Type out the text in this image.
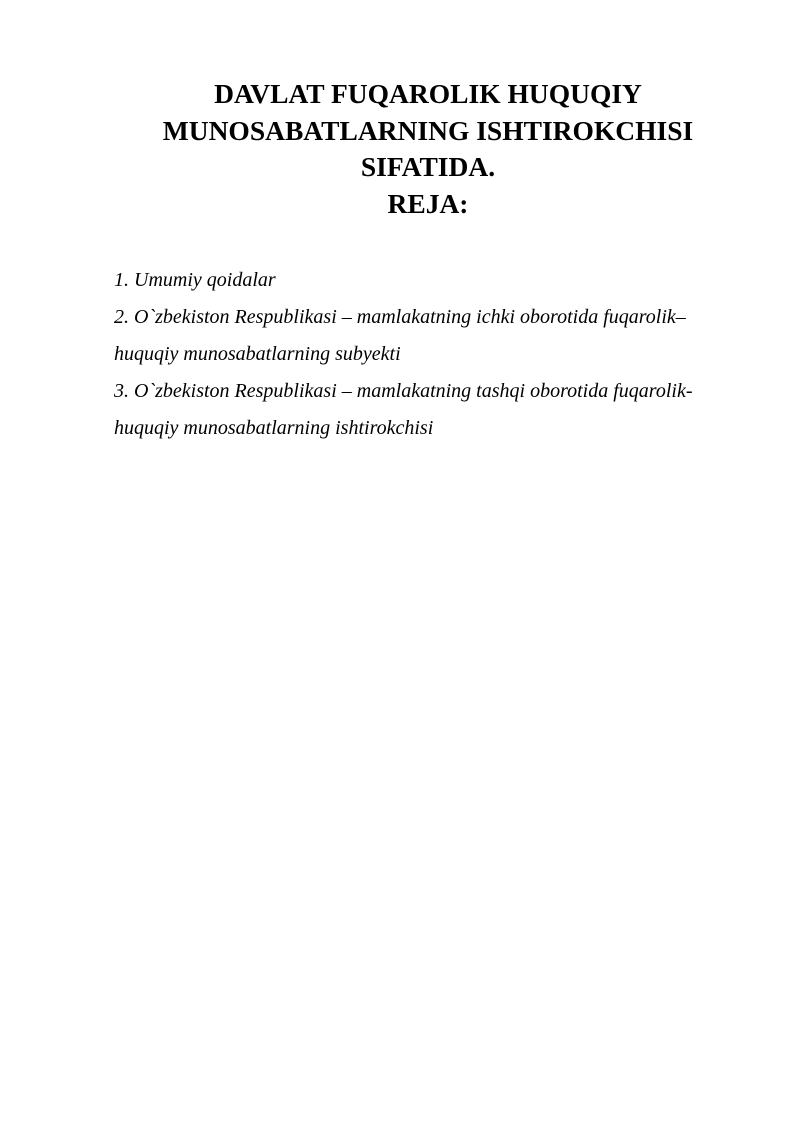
DAVLAT FUQAROLIK HUQUQIY
MUNOSABATLARNING ISHTIROKCHISI
SIFATIDA.
REJA:
1. Umumiy qoidalar
2. O`zbekiston Respublikasi – mamlakatning ichki oborotida fuqarolik–
huquqiy munosabatlarning subyekti
3. O`zbekiston Respublikasi – mamlakatning tashqi oborotida fuqarolik-
huquqiy munosabatlarning ishtirokchisi
